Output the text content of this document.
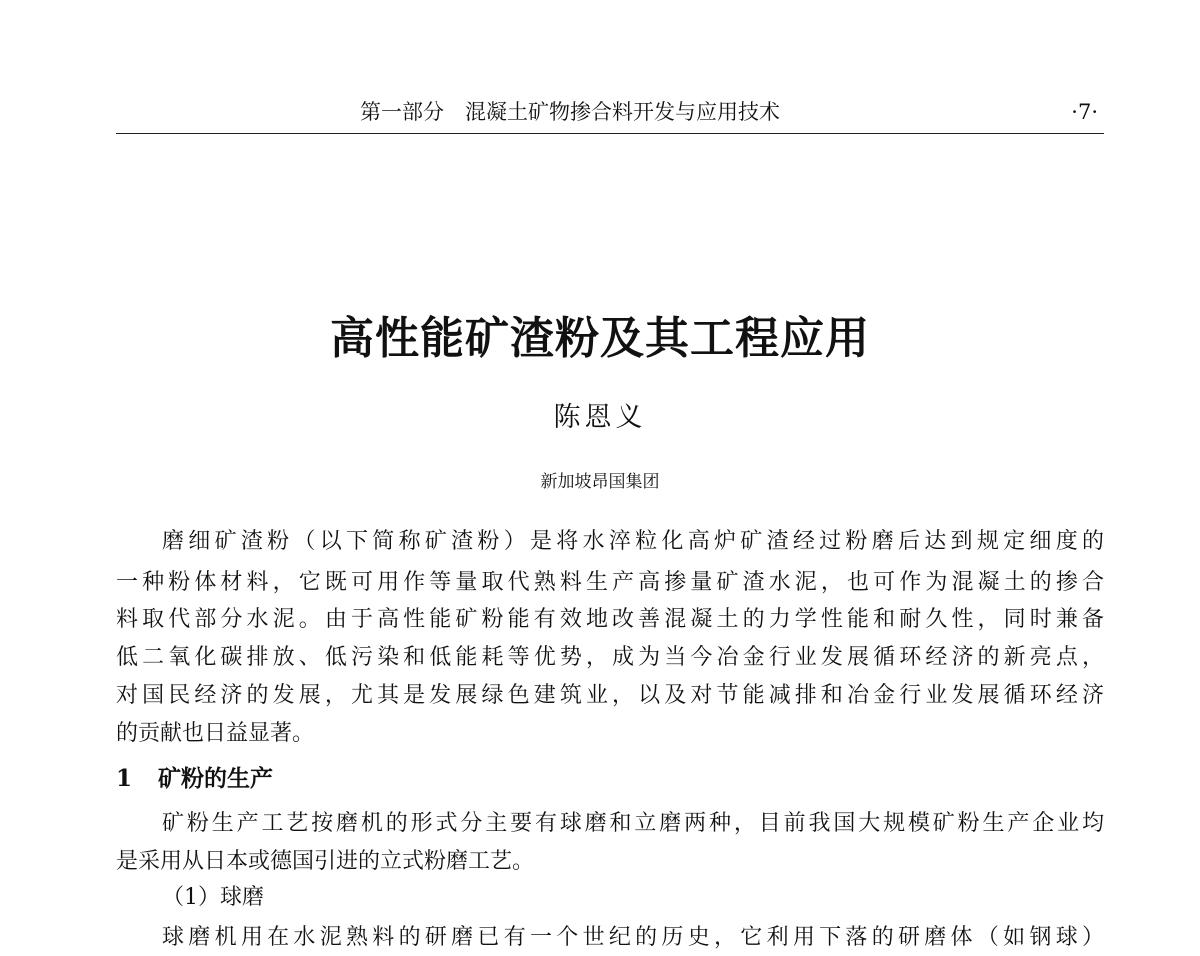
第一部分　混凝土矿物掺合料开发与应用技术	·7·
高性能矿渣粉及其工程应用
陈恩义
新加坡昂国集团
磨细矿渣粉（以下简称矿渣粉）是将水淬粒化高炉矿渣经过粉磨后达到规定细度的
一种粉体材料，它既可用作等量取代熟料生产高掺量矿渣水泥，也可作为混凝土的掺合
料取代部分水泥。由于高性能矿粉能有效地改善混凝土的力学性能和耐久性，同时兼备
低二氧化碳排放、低污染和低能耗等优势，成为当今冶金行业发展循环经济的新亮点，
对国民经济的发展，尤其是发展绿色建筑业，以及对节能减排和冶金行业发展循环经济
的贡献也日益显著。
1 矿粉的生产
矿粉生产工艺按磨机的形式分主要有球磨和立磨两种，目前我国大规模矿粉生产企业均
是采用从日本或德国引进的立式粉磨工艺。
（1）球磨
球磨机用在水泥熟料的研磨已有一个世纪的历史，它利用下落的研磨体（如钢球）
